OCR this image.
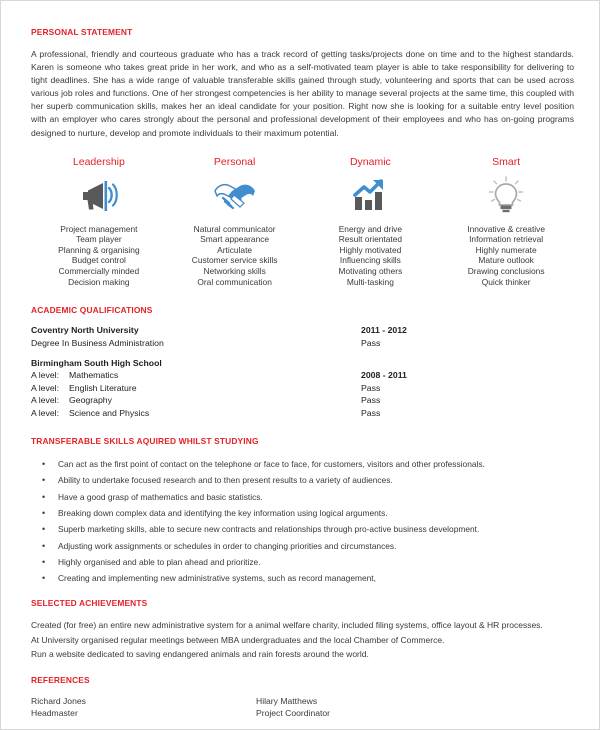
PERSONAL STATEMENT

A professional, friendly and courteous graduate who has a track record of getting tasks/projects done on time and to the highest standards. Karen is someone who takes great pride in her work, and who as a self-motivated team player is able to take responsibility for delivering to tight deadlines. She has a wide range of valuable transferable skills gained through study, volunteering and sports that can be used across various job roles and functions. One of her strongest competencies is her ability to manage several projects at the same time, this coupled with her superb communication skills, makes her an ideal candidate for your position. Right now she is looking for a suitable entry level position with an employer who cares strongly about the personal and professional development of their employees and who has on-going programs designed to nurture, develop and promote individuals to their maximum potential.

Leadership
Project management
Team player
Planning & organising
Budget control
Commercially minded
Decision making
Personal
Natural communicator
Smart appearance
Articulate
Customer service skills
Networking skills
Oral communication
Dynamic
Energy and drive
Result orientated
Highly motivated
Influencing skills
Motivating others
Multi-tasking
Smart
Innovative & creative
Information retrieval
Highly numerate
Mature outlook
Drawing conclusions
Quick thinker
ACADEMIC QUALIFICATIONS
Coventry North University	2011 - 2012
Degree In Business Administration	Pass
Birmingham South High School
A level: Mathematics	2008 - 2011
A level: English Literature	Pass
A level: Geography	Pass
A level: Science and Physics	Pass
TRANSFERABLE SKILLS AQUIRED WHILST STUDYING
• Can act as the first point of contact on the telephone or face to face, for customers, visitors and other professionals.
• Ability to undertake focused research and to then present results to a variety of audiences.
• Have a good grasp of mathematics and basic statistics.
• Breaking down complex data and identifying the key information using logical arguments.
• Superb marketing skills, able to secure new contracts and relationships through pro-active business development.
• Adjusting work assignments or schedules in order to changing priorities and circumstances.
• Highly organised and able to plan ahead and prioritize.
• Creating and implementing new administrative systems, such as record management,
SELECTED ACHIEVEMENTS
Created (for free) an entire new administrative system for a animal welfare charity, included filing systems, office layout & HR processes.
At University organised regular meetings between MBA undergraduates and the local Chamber of Commerce.
Run a website dedicated to saving endangered animals and rain forests around the world.
REFERENCES
Richard Jones
Headmaster
Hilary Matthews
Project Coordinator
